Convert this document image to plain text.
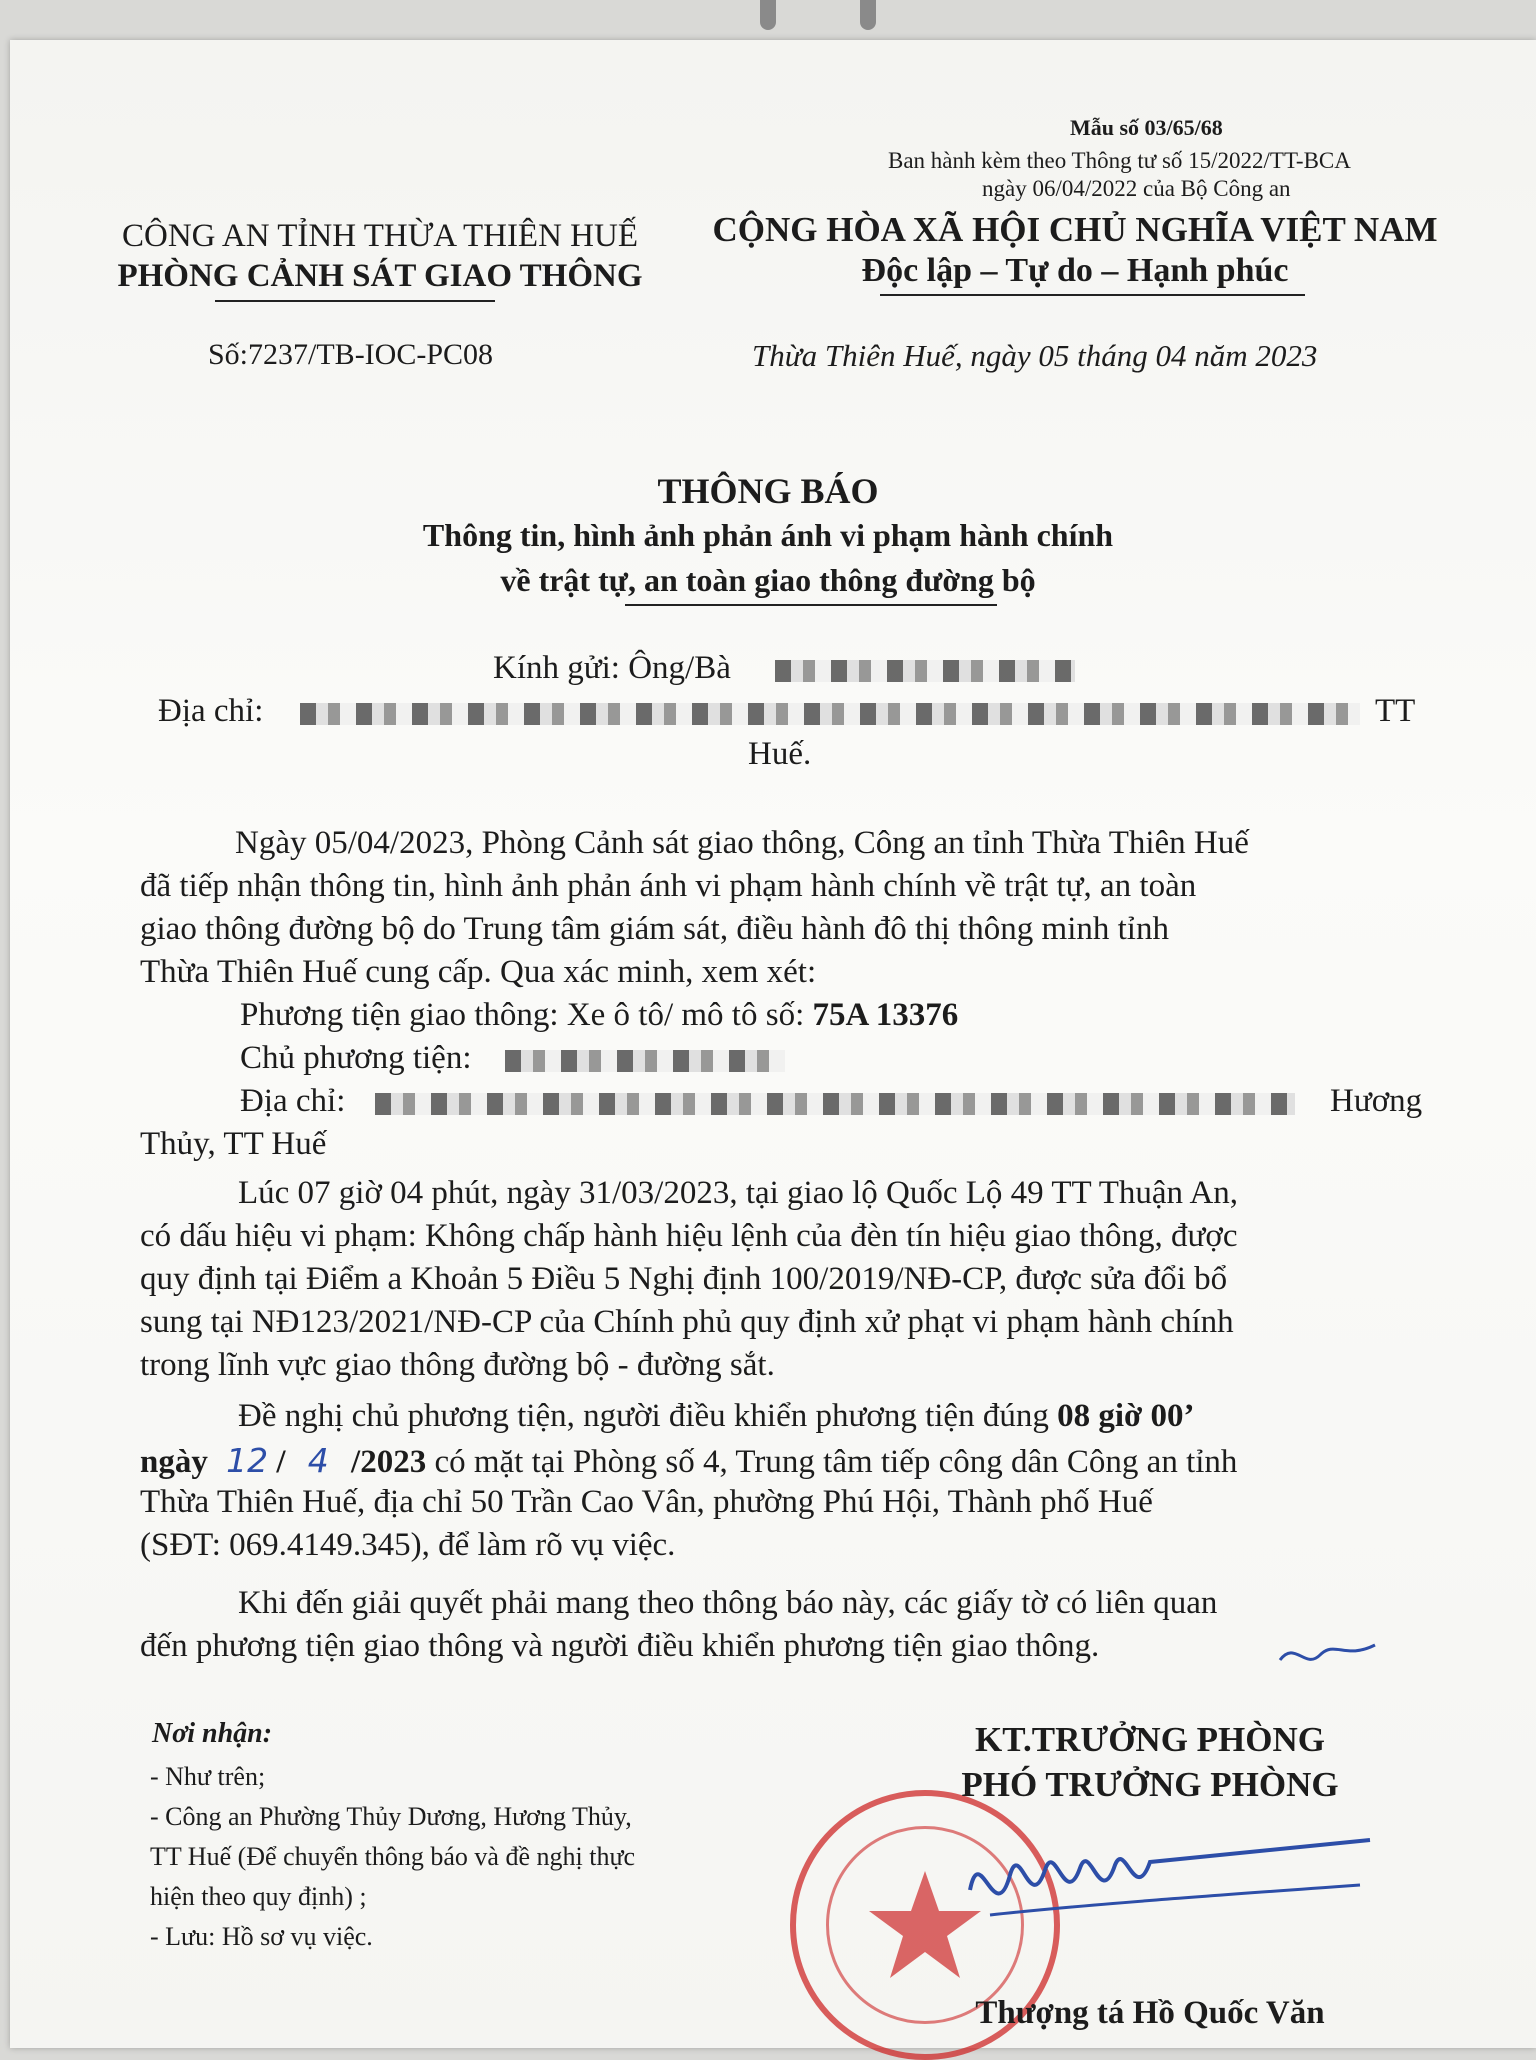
Mẫu số 03/65/68
Ban hành kèm theo Thông tư số 15/2022/TT-BCA
ngày 06/04/2022 của Bộ Công an
CÔNG AN TỈNH THỪA THIÊN HUẾ
PHÒNG CẢNH SÁT GIAO THÔNG
Số:7237/TB-IOC-PC08
CỘNG HÒA XÃ HỘI CHỦ NGHĨA VIỆT NAM
Độc lập – Tự do – Hạnh phúc
Thừa Thiên Huế, ngày 05 tháng 04 năm 2023
THÔNG BÁO
Thông tin, hình ảnh phản ánh vi phạm hành chính
về trật tự, an toàn giao thông đường bộ
Kính gửi: Ông/Bà
Địa chỉ:	TT
Huế.
Ngày 05/04/2023, Phòng Cảnh sát giao thông, Công an tỉnh Thừa Thiên Huế
đã tiếp nhận thông tin, hình ảnh phản ánh vi phạm hành chính về trật tự, an toàn
giao thông đường bộ do Trung tâm giám sát, điều hành đô thị thông minh tỉnh
Thừa Thiên Huế cung cấp. Qua xác minh, xem xét:
Phương tiện giao thông: Xe ô tô/ mô tô số: 75A 13376
Chủ phương tiện:
Địa chỉ:	Hương
Thủy, TT Huế
Lúc 07 giờ 04 phút, ngày 31/03/2023, tại giao lộ Quốc Lộ 49 TT Thuận An,
có dấu hiệu vi phạm: Không chấp hành hiệu lệnh của đèn tín hiệu giao thông, được
quy định tại Điểm a Khoản 5 Điều 5 Nghị định 100/2019/NĐ-CP, được sửa đổi bổ
sung tại NĐ123/2021/NĐ-CP của Chính phủ quy định xử phạt vi phạm hành chính
trong lĩnh vực giao thông đường bộ - đường sắt.
Đề nghị chủ phương tiện, người điều khiển phương tiện đúng 08 giờ 00’
ngày 12 / 4 /2023 có mặt tại Phòng số 4, Trung tâm tiếp công dân Công an tỉnh
Thừa Thiên Huế, địa chỉ 50 Trần Cao Vân, phường Phú Hội, Thành phố Huế
(SĐT: 069.4149.345), để làm rõ vụ việc.
Khi đến giải quyết phải mang theo thông báo này, các giấy tờ có liên quan
đến phương tiện giao thông và người điều khiển phương tiện giao thông.
Nơi nhận:
- Như trên;
- Công an Phường Thủy Dương, Hương Thủy,
TT Huế (Để chuyển thông báo và đề nghị thực
hiện theo quy định) ;
- Lưu: Hồ sơ vụ việc.
KT.TRƯỞNG PHÒNG
PHÓ TRƯỞNG PHÒNG
Thượng tá Hồ Quốc Văn
